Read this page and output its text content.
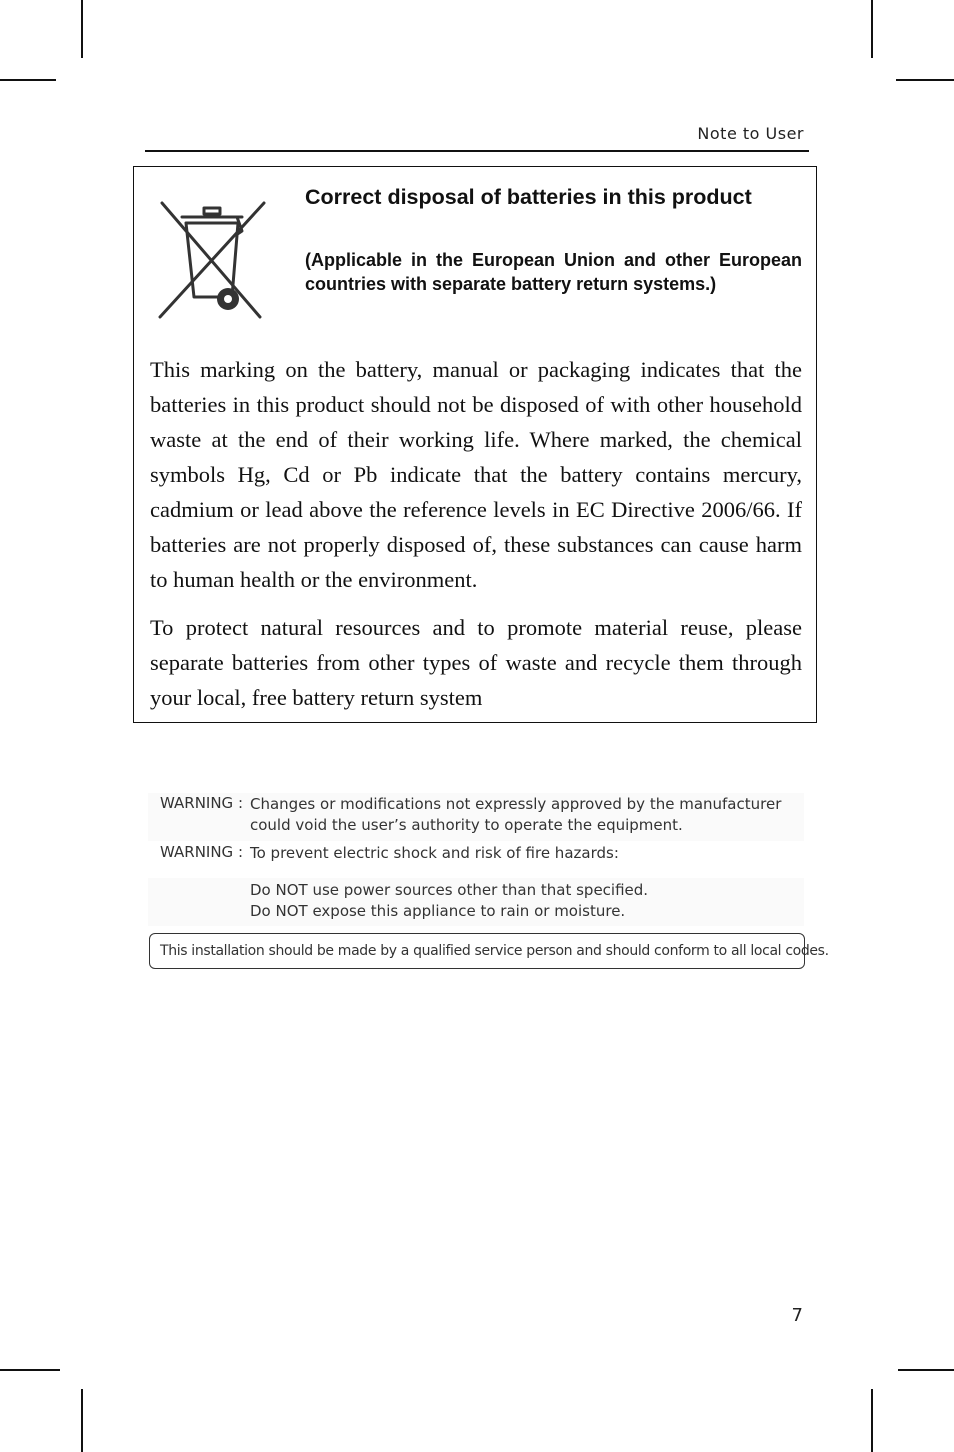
Note to User
Correct disposal of batteries in this product
(Applicable in the European Union and other European countries with separate battery return systems.)

This marking on the battery, manual or packaging indicates that the batteries in this product should not be disposed of with other household waste at the end of their working life. Where marked, the chemical symbols Hg, Cd or Pb indicate that the battery contains mercury, cadmium or lead above the reference levels in EC Directive 2006/66. If batteries are not properly disposed of, these substances can cause harm to human health or the environment.

To protect natural resources and to promote material reuse, please separate batteries from other types of waste and recycle them through your local, free battery return system

WARNING : Changes or modifications not expressly approved by the manufacturer
could void the user’s authority to operate the equipment.
WARNING : To prevent electric shock and risk of fire hazards:
Do NOT use power sources other than that specified.
Do NOT expose this appliance to rain or moisture.
This installation should be made by a qualified service person and should conform to all local codes.
7
